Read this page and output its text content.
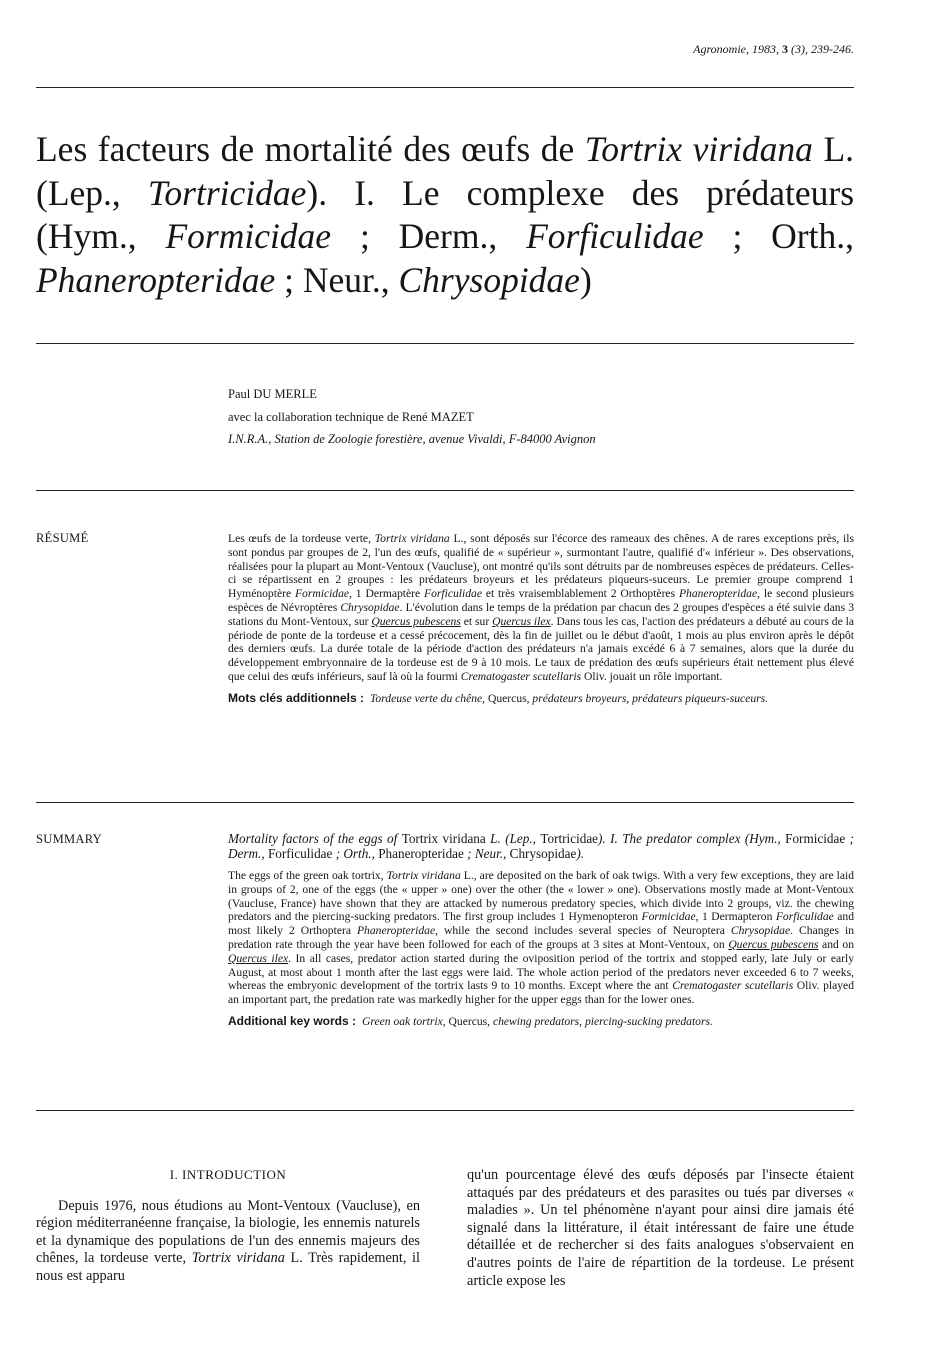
Agronomie, 1983, 3 (3), 239-246.
Les facteurs de mortalité des œufs de Tortrix viridana L.
(Lep., Tortricidae). I. Le complexe des prédateurs
(Hym., Formicidae ; Derm., Forficulidae ; Orth.,
Phaneropteridae ; Neur., Chrysopidae)
Paul DU MERLE
avec la collaboration technique de René MAZET
I.N.R.A., Station de Zoologie forestière, avenue Vivaldi, F-84000 Avignon
RÉSUMÉ	Les œufs de la tordeuse verte, Tortrix viridana L., sont déposés sur l'écorce des rameaux des chênes. A de rares exceptions près, ils sont pondus par groupes de 2, l'un des œufs, qualifié de « supérieur », surmontant l'autre, qualifié d'« inférieur ». Des observations, réalisées pour la plupart au Mont-Ventoux (Vaucluse), ont montré qu'ils sont détruits par de nombreuses espèces de prédateurs. Celles-ci se répartissent en 2 groupes : les prédateurs broyeurs et les prédateurs piqueurs-suceurs. Le premier groupe comprend 1 Hyménoptère Formicidae, 1 Dermaptère Forficulidae et très vraisemblablement 2 Orthoptères Phaneropteridae, le second plusieurs espèces de Névroptères Chrysopidae. L'évolution dans le temps de la prédation par chacun des 2 groupes d'espèces a été suivie dans 3 stations du Mont-Ventoux, sur Quercus pubescens et sur Quercus ilex. Dans tous les cas, l'action des prédateurs a débuté au cours de la période de ponte de la tordeuse et a cessé précocement, dès la fin de juillet ou le début d'août, 1 mois au plus environ après le dépôt des derniers œufs. La durée totale de la période d'action des prédateurs n'a jamais excédé 6 à 7 semaines, alors que la durée du développement embryonnaire de la tordeuse est de 9 à 10 mois. Le taux de prédation des œufs supérieurs était nettement plus élevé que celui des œufs inférieurs, sauf là où la fourmi Crematogaster scutellaris Oliv. jouait un rôle important.

Mots clés additionnels : Tordeuse verte du chêne, Quercus, prédateurs broyeurs, prédateurs piqueurs-suceurs.
SUMMARY	Mortality factors of the eggs of Tortrix viridana L. (Lep., Tortricidae). I. The predator complex (Hym., Formicidae ; Derm., Forficulidae ; Orth., Phaneropteridae ; Neur., Chrysopidae).

The eggs of the green oak tortrix, Tortrix viridana L., are deposited on the bark of oak twigs. With a very few exceptions, they are laid in groups of 2, one of the eggs (the « upper » one) over the other (the « lower » one). Observations mostly made at Mont-Ventoux (Vaucluse, France) have shown that they are attacked by numerous predatory species, which divide into 2 groups, viz. the chewing predators and the piercing-sucking predators. The first group includes 1 Hymenopteron Formicidae, 1 Dermapteron Forficulidae and most likely 2 Orthoptera Phaneropteridae, while the second includes several species of Neuroptera Chrysopidae. Changes in predation rate through the year have been followed for each of the groups at 3 sites at Mont-Ventoux, on Quercus pubescens and on Quercus ilex. In all cases, predator action started during the oviposition period of the tortrix and stopped early, late July or early August, at most about 1 month after the last eggs were laid. The whole action period of the predators never exceeded 6 to 7 weeks, whereas the embryonic development of the tortrix lasts 9 to 10 months. Except where the ant Crematogaster scutellaris Oliv. played an important part, the predation rate was markedly higher for the upper eggs than for the lower ones.

Additional key words : Green oak tortrix, Quercus, chewing predators, piercing-sucking predators.
I. INTRODUCTION

Depuis 1976, nous étudions au Mont-Ventoux (Vaucluse), en région méditerranéenne française, la biologie, les ennemis naturels et la dynamique des populations de l'un des ennemis majeurs des chênes, la tordeuse verte, Tortrix viridana L. Très rapidement, il nous est apparu

qu'un pourcentage élevé des œufs déposés par l'insecte étaient attaqués par des prédateurs et des parasites ou tués par diverses « maladies ». Un tel phénomène n'ayant pour ainsi dire jamais été signalé dans la littérature, il était intéressant de faire une étude détaillée et de rechercher si des faits analogues s'observaient en d'autres points de l'aire de répartition de la tordeuse. Le présent article expose les
